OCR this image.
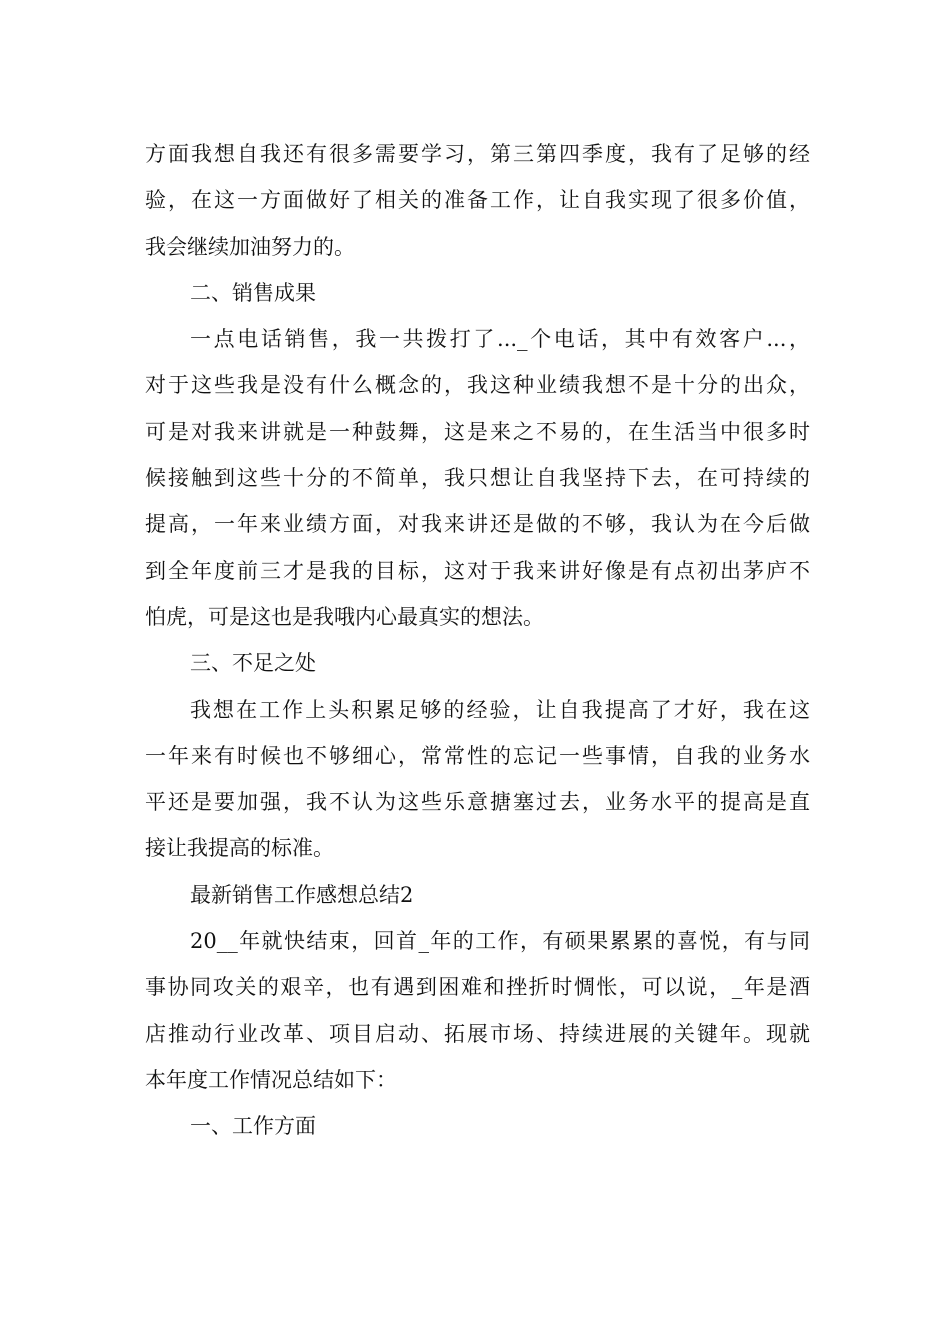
方面我想自我还有很多需要学习，第三第四季度，我有了足够的经
验，在这一方面做好了相关的准备工作，让自我实现了很多价值，
我会继续加油努力的。
二、销售成果
一点电话销售，我一共拨打了..._个电话，其中有效客户...，
对于这些我是没有什么概念的，我这种业绩我想不是十分的出众，
可是对我来讲就是一种鼓舞，这是来之不易的，在生活当中很多时
候接触到这些十分的不简单，我只想让自我坚持下去，在可持续的
提高，一年来业绩方面，对我来讲还是做的不够，我认为在今后做
到全年度前三才是我的目标，这对于我来讲好像是有点初出茅庐不
怕虎，可是这也是我哦内心最真实的想法。
三、不足之处
我想在工作上头积累足够的经验，让自我提高了才好，我在这
一年来有时候也不够细心，常常性的忘记一些事情，自我的业务水
平还是要加强，我不认为这些乐意搪塞过去，业务水平的提高是直
接让我提高的标准。
最新销售工作感想总结2
20__年就快结束，回首_年的工作，有硕果累累的喜悦，有与同
事协同攻关的艰辛，也有遇到困难和挫折时惆怅，可以说，_年是酒
店推动行业改革、项目启动、拓展市场、持续进展的关键年。现就
本年度工作情况总结如下：
一、工作方面
